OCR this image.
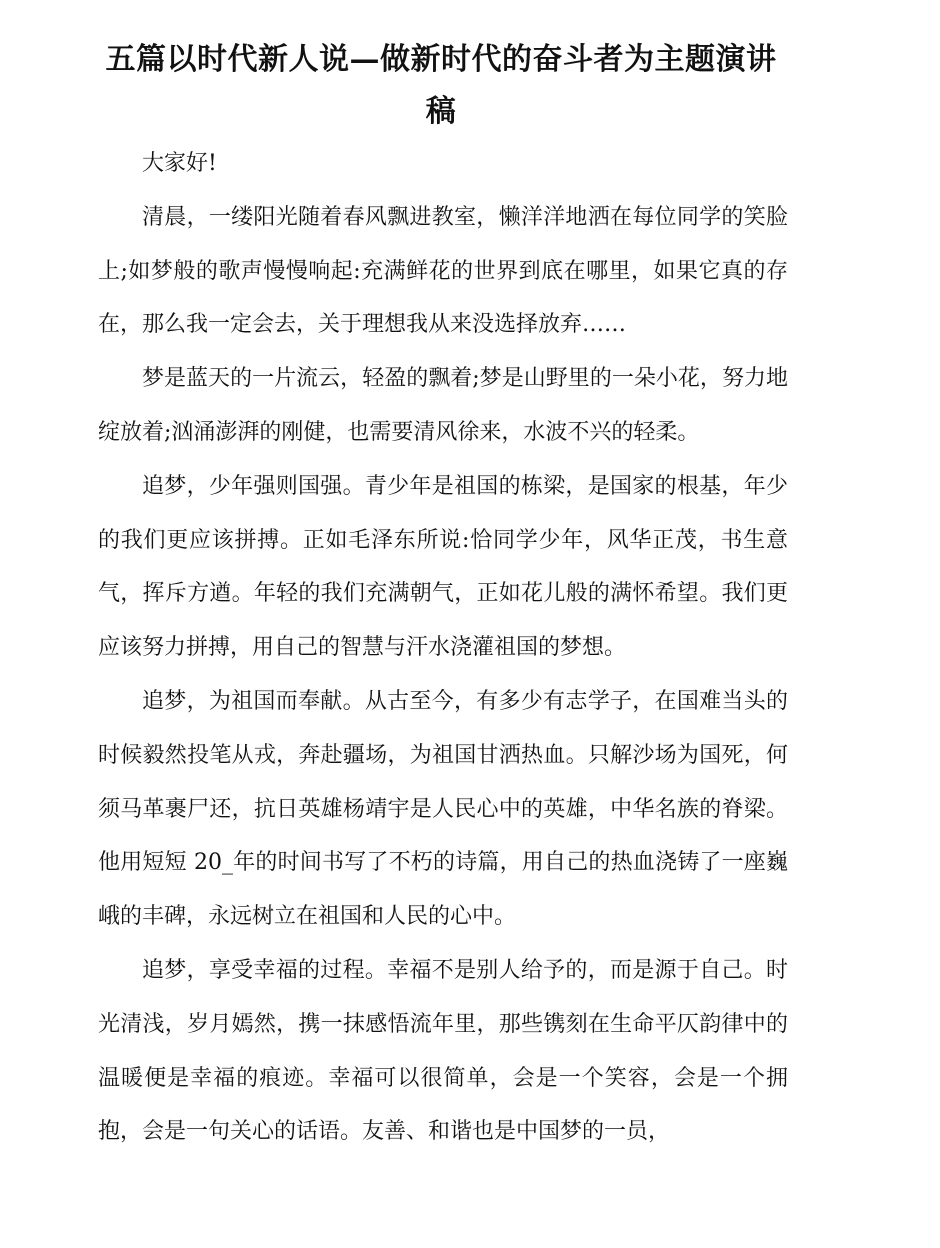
五篇以时代新人说—做新时代的奋斗者为主题演讲稿

大家好!

清晨，一缕阳光随着春风飘进教室，懒洋洋地洒在每位同学的笑脸上;如梦般的歌声慢慢响起:充满鲜花的世界到底在哪里，如果它真的存在，那么我一定会去，关于理想我从来没选择放弃……

梦是蓝天的一片流云，轻盈的飘着;梦是山野里的一朵小花，努力地绽放着;汹涌澎湃的刚健，也需要清风徐来，水波不兴的轻柔。

追梦，少年强则国强。青少年是祖国的栋梁，是国家的根基，年少的我们更应该拼搏。正如毛泽东所说:恰同学少年，风华正茂，书生意气，挥斥方遒。年轻的我们充满朝气，正如花儿般的满怀希望。我们更应该努力拼搏，用自己的智慧与汗水浇灌祖国的梦想。

追梦，为祖国而奉献。从古至今，有多少有志学子，在国难当头的时候毅然投笔从戎，奔赴疆场，为祖国甘洒热血。只解沙场为国死，何须马革裹尸还，抗日英雄杨靖宇是人民心中的英雄，中华名族的脊梁。他用短短 20_年的时间书写了不朽的诗篇，用自己的热血浇铸了一座巍峨的丰碑，永远树立在祖国和人民的心中。

追梦，享受幸福的过程。幸福不是别人给予的，而是源于自己。时光清浅，岁月嫣然，携一抹感悟流年里，那些镌刻在生命平仄韵律中的温暖便是幸福的痕迹。幸福可以很简单，会是一个笑容，会是一个拥抱，会是一句关心的话语。友善、和谐也是中国梦的一员，
